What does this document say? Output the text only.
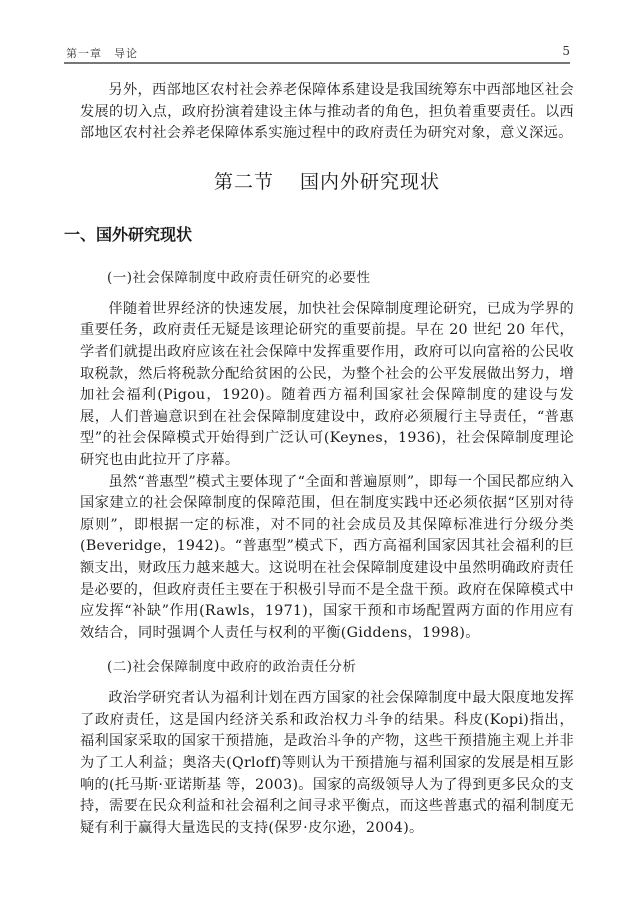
第一章　导论	5

另外，西部地区农村社会养老保障体系建设是我国统筹东中西部地区社会发展的切入点，政府扮演着建设主体与推动者的角色，担负着重要责任。以西部地区农村社会养老保障体系实施过程中的政府责任为研究对象，意义深远。

第二节 国内外研究现状
一、国外研究现状
(一)社会保障制度中政府责任研究的必要性

伴随着世界经济的快速发展，加快社会保障制度理论研究，已成为学界的重要任务，政府责任无疑是该理论研究的重要前提。早在 20 世纪 20 年代，学者们就提出政府应该在社会保障中发挥重要作用，政府可以向富裕的公民收取税款，然后将税款分配给贫困的公民，为整个社会的公平发展做出努力，增加社会福利(Pigou，1920)。随着西方福利国家社会保障制度的建设与发展，人们普遍意识到在社会保障制度建设中，政府必须履行主导责任，“普惠型”的社会保障模式开始得到广泛认可(Keynes，1936)，社会保障制度理论研究也由此拉开了序幕。

虽然“普惠型”模式主要体现了“全面和普遍原则”，即每一个国民都应纳入国家建立的社会保障制度的保障范围，但在制度实践中还必须依据“区别对待原则”，即根据一定的标准，对不同的社会成员及其保障标准进行分级分类(Beveridge，1942)。“普惠型”模式下，西方高福利国家因其社会福利的巨额支出，财政压力越来越大。这说明在社会保障制度建设中虽然明确政府责任是必要的，但政府责任主要在于积极引导而不是全盘干预。政府在保障模式中应发挥“补缺”作用(Rawls，1971)，国家干预和市场配置两方面的作用应有效结合，同时强调个人责任与权利的平衡(Giddens，1998)。

(二)社会保障制度中政府的政治责任分析

政治学研究者认为福利计划在西方国家的社会保障制度中最大限度地发挥了政府责任，这是国内经济关系和政治权力斗争的结果。科皮(Kopi)指出，福利国家采取的国家干预措施，是政治斗争的产物，这些干预措施主观上并非为了工人利益；奥洛夫(Qrloff)等则认为干预措施与福利国家的发展是相互影响的(托马斯·亚诺斯基 等，2003)。国家的高级领导人为了得到更多民众的支持，需要在民众利益和社会福利之间寻求平衡点，而这些普惠式的福利制度无疑有利于赢得大量选民的支持(保罗·皮尔逊，2004)。
